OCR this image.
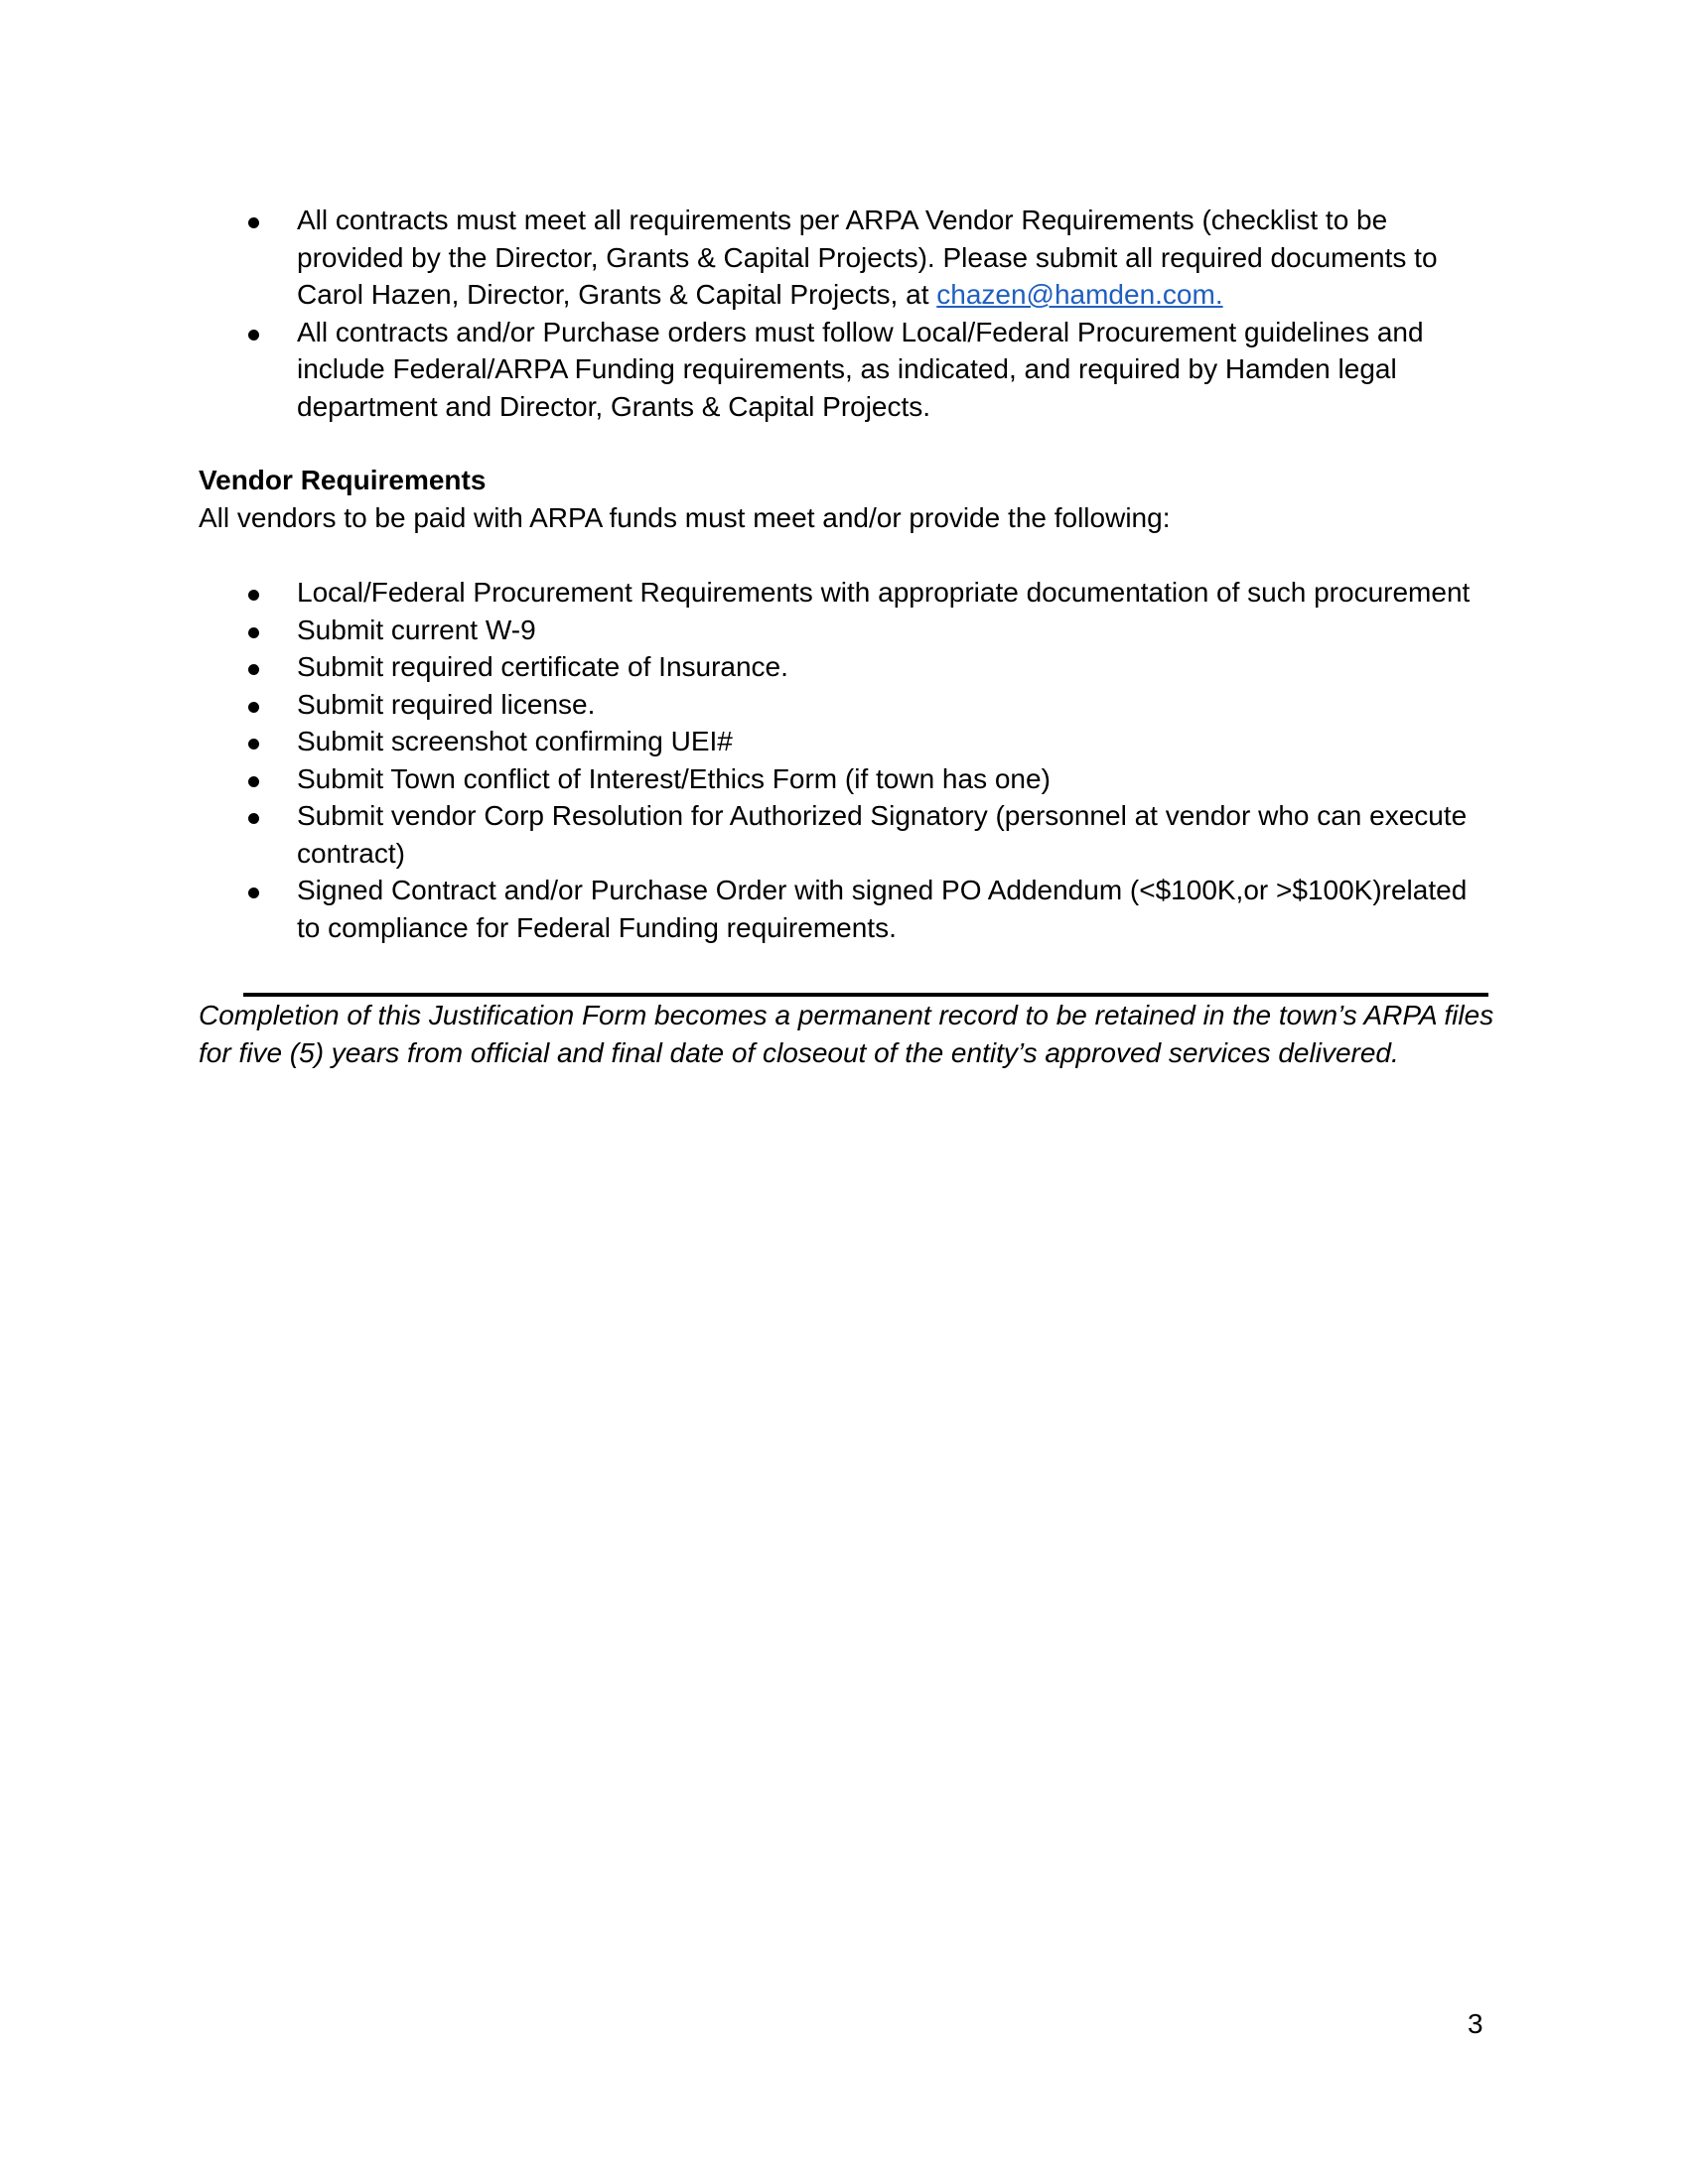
All contracts must meet all requirements per ARPA Vendor Requirements (checklist to be provided by the Director, Grants & Capital Projects). Please submit all required documents to Carol Hazen, Director, Grants & Capital Projects, at chazen@hamden.com.
All contracts and/or Purchase orders must follow Local/Federal Procurement guidelines and include Federal/ARPA Funding requirements, as indicated, and required by Hamden legal department and Director, Grants & Capital Projects.
Vendor Requirements
All vendors to be paid with ARPA funds must meet and/or provide the following:
Local/Federal Procurement Requirements with appropriate documentation of such procurement
Submit current W-9
Submit required certificate of Insurance.
Submit required license.
Submit screenshot confirming UEI#
Submit Town conflict of Interest/Ethics Form (if town has one)
Submit vendor Corp Resolution for Authorized Signatory (personnel at vendor who can execute contract)
Signed Contract and/or Purchase Order with signed PO Addendum (<$100K,or >$100K)related to compliance for Federal Funding requirements.
Completion of this Justification Form becomes a permanent record to be retained in the town’s ARPA files for five (5) years from official and final date of closeout of the entity’s approved services delivered.
3
